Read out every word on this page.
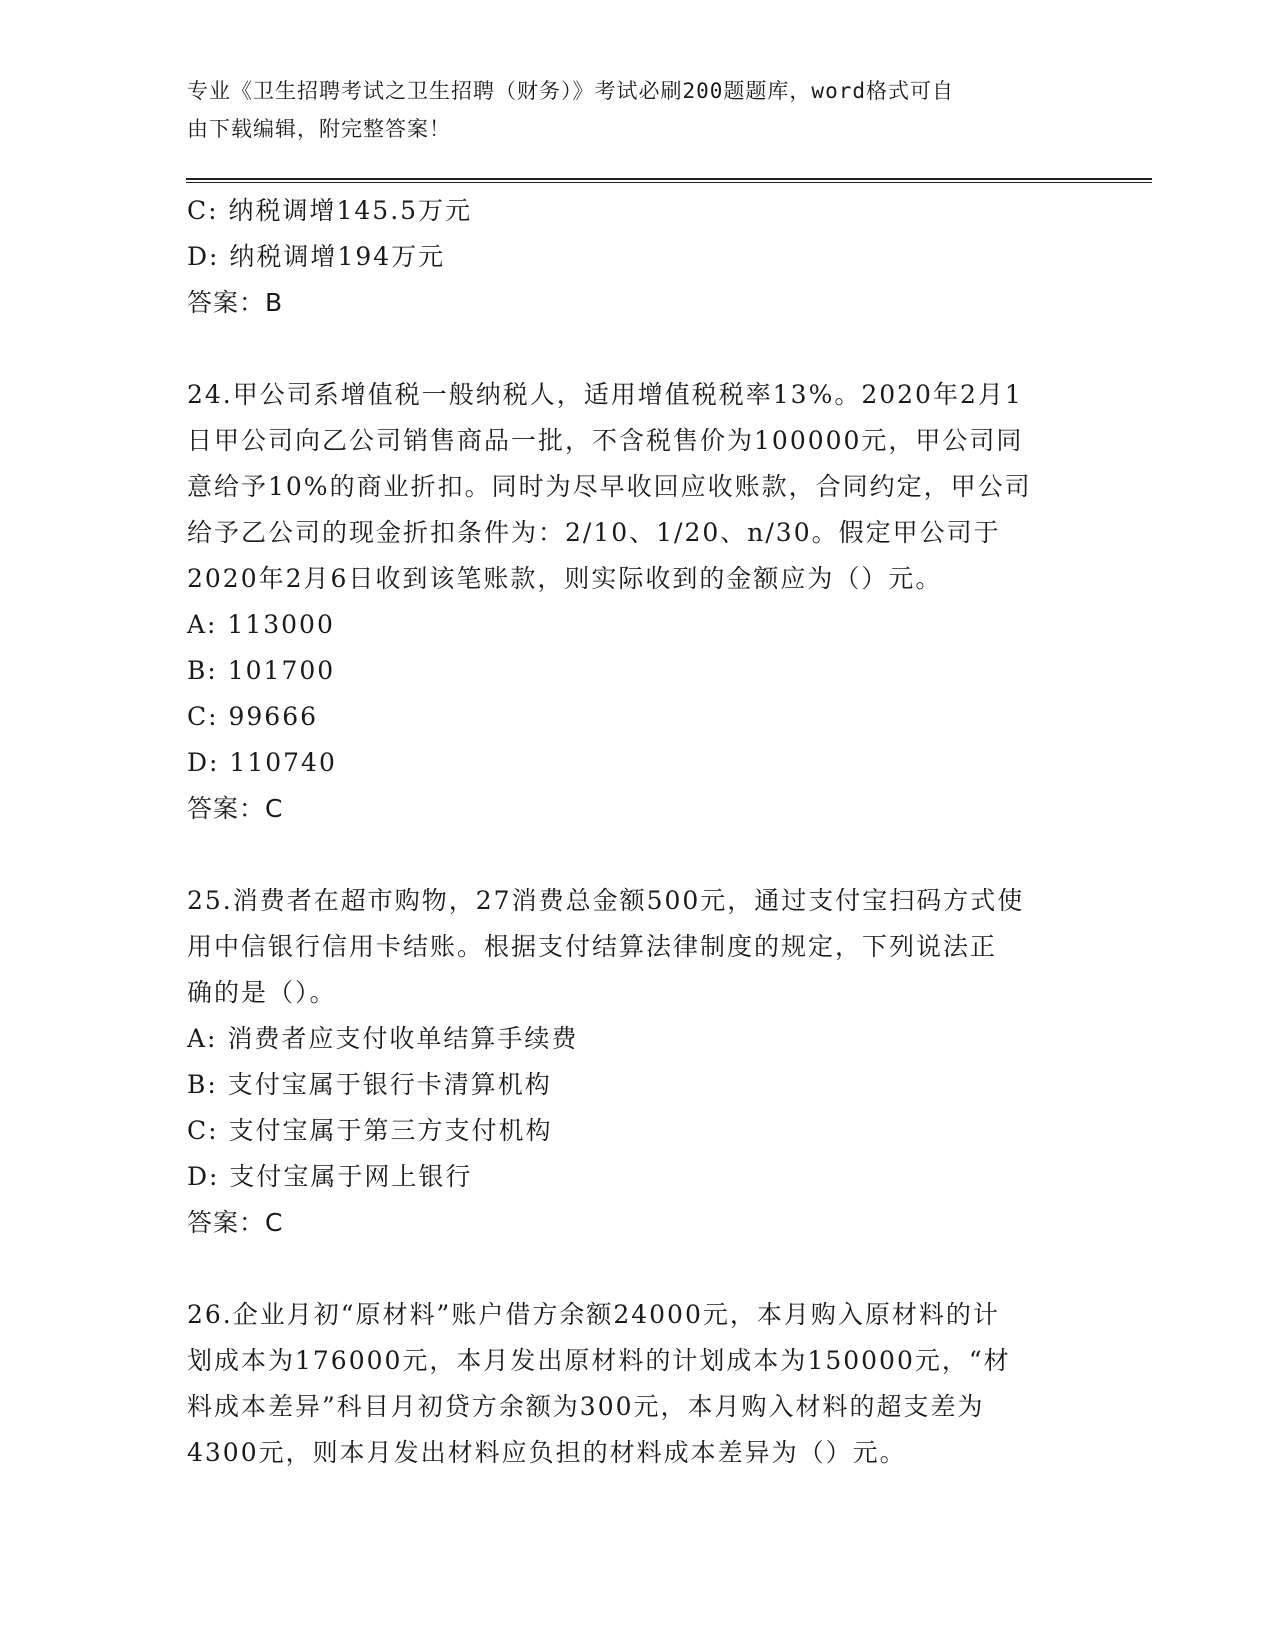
专业《卫生招聘考试之卫生招聘（财务）》考试必刷200题题库，word格式可自
由下载编辑，附完整答案！
C: 纳税调增145.5万元
D: 纳税调增194万元
答案：B
24.甲公司系增值税一般纳税人，适用增值税税率13%。2020年2月1
日甲公司向乙公司销售商品一批，不含税售价为100000元，甲公司同
意给予10%的商业折扣。同时为尽早收回应收账款，合同约定，甲公司
给予乙公司的现金折扣条件为：2/10、1/20、n/30。假定甲公司于
2020年2月6日收到该笔账款，则实际收到的金额应为（）元。
A: 113000
B: 101700
C: 99666
D: 110740
答案：C
25.消费者在超市购物，27消费总金额500元，通过支付宝扫码方式使
用中信银行信用卡结账。根据支付结算法律制度的规定，下列说法正
确的是（）。
A: 消费者应支付收单结算手续费
B: 支付宝属于银行卡清算机构
C: 支付宝属于第三方支付机构
D: 支付宝属于网上银行
答案：C
26.企业月初“原材料”账户借方余额24000元，本月购入原材料的计
划成本为176000元，本月发出原材料的计划成本为150000元，“材
料成本差异”科目月初贷方余额为300元，本月购入材料的超支差为
4300元，则本月发出材料应负担的材料成本差异为（）元。
